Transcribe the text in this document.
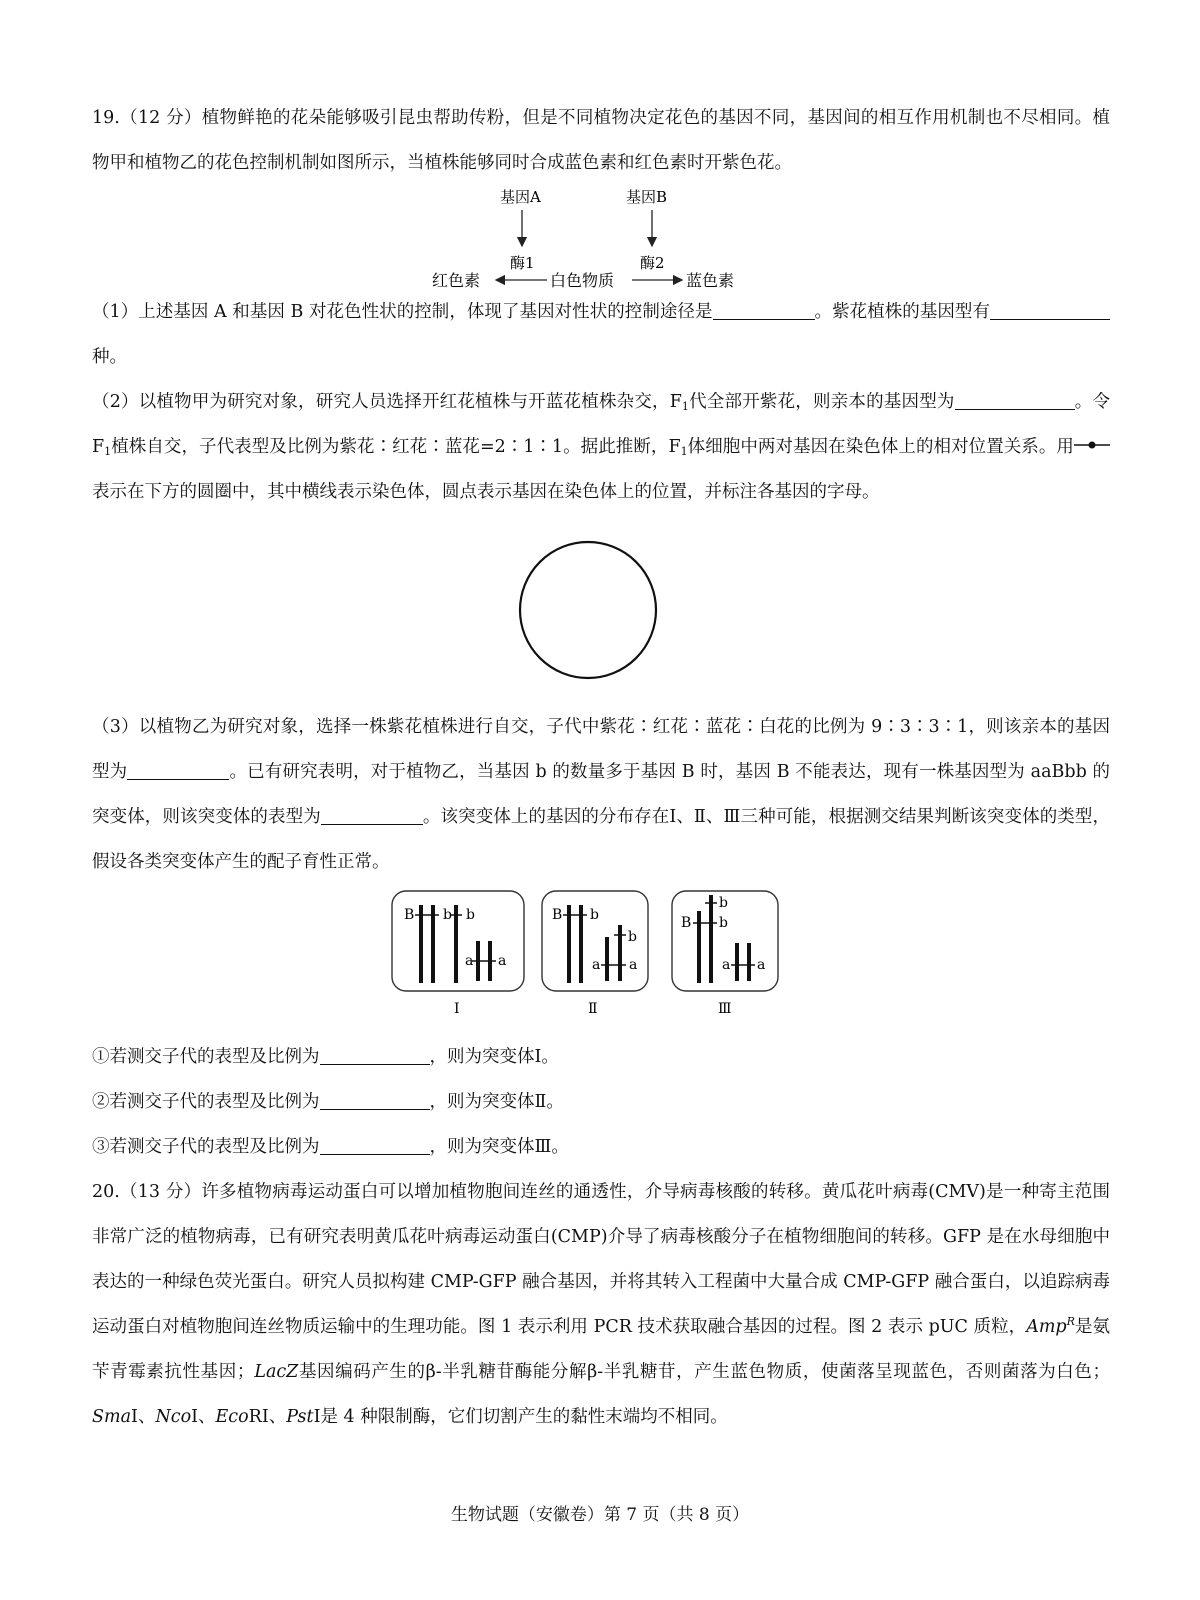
19.（12 分）植物鲜艳的花朵能够吸引昆虫帮助传粉，但是不同植物决定花色的基因不同，基因间的相互作用机制也不尽相同。植物甲和植物乙的花色控制机制如图所示，当植株能够同时合成蓝色素和红色素时开紫色花。

基因A	基因B
酶1	酶2
红色素	白色物质	蓝色素

（1）上述基因 A 和基因 B 对花色性状的控制，体现了基因对性状的控制途径是	。紫花植株的基因型有种。

（2）以植物甲为研究对象，研究人员选择开红花植株与开蓝花植株杂交，$F_1$代全部开紫花，则亲本的基因型为	。令 $F_1$植株自交，子代表型及比例为紫花∶红花∶蓝花=2∶1∶1。据此推断，$F_1$体细胞中两对基因在染色体上的相对位置关系。用表示在下方的圆圈中，其中横线表示染色体，圆点表示基因在染色体上的位置，并标注各基因的字母。

（3）以植物乙为研究对象，选择一株紫花植株进行自交，子代中紫花∶红花∶蓝花∶白花的比例为 9∶3∶3∶1，则该亲本的基因型为	。已有研究表明，对于植物乙，当基因 b 的数量多于基因 B 时，基因 B 不能表达，现有一株基因型为 aaBbb 的突变体，则该突变体的表型为	。该突变体上的基因的分布存在Ⅰ、Ⅱ、Ⅲ三种可能，根据测交结果判断该突变体的类型，假设各类突变体产生的配子育性正常。

B b b
a a
Ⅰ
B b
b
a a
Ⅱ
B
b
b
a a
Ⅲ

①若测交子代的表型及比例为	，则为突变体Ⅰ。

②若测交子代的表型及比例为	，则为突变体Ⅱ。

③若测交子代的表型及比例为	，则为突变体Ⅲ。

20.（13 分）许多植物病毒运动蛋白可以增加植物胞间连丝的通透性，介导病毒核酸的转移。黄瓜花叶病毒(CMV)是一种寄主范围非常广泛的植物病毒，已有研究表明黄瓜花叶病毒运动蛋白(CMP)介导了病毒核酸分子在植物细胞间的转移。GFP 是在水母细胞中表达的一种绿色荧光蛋白。研究人员拟构建 CMP-GFP 融合基因，并将其转入工程菌中大量合成 CMP-GFP 融合蛋白，以追踪病毒运动蛋白对植物胞间连丝物质运输中的生理功能。图 1 表示利用 PCR 技术获取融合基因的过程。图 2 表示 pUC 质粒，Amp$^R$是氨苄青霉素抗性基因；LacZ基因编码产生的β-半乳糖苷酶能分解β-半乳糖苷，产生蓝色物质，使菌落呈现蓝色，否则菌落为白色；SmaⅠ、NcoⅠ、EcoRⅠ、PstⅠ是 4 种限制酶，它们切割产生的黏性末端均不相同。

生物试题（安徽卷）第 7 页（共 8 页）
